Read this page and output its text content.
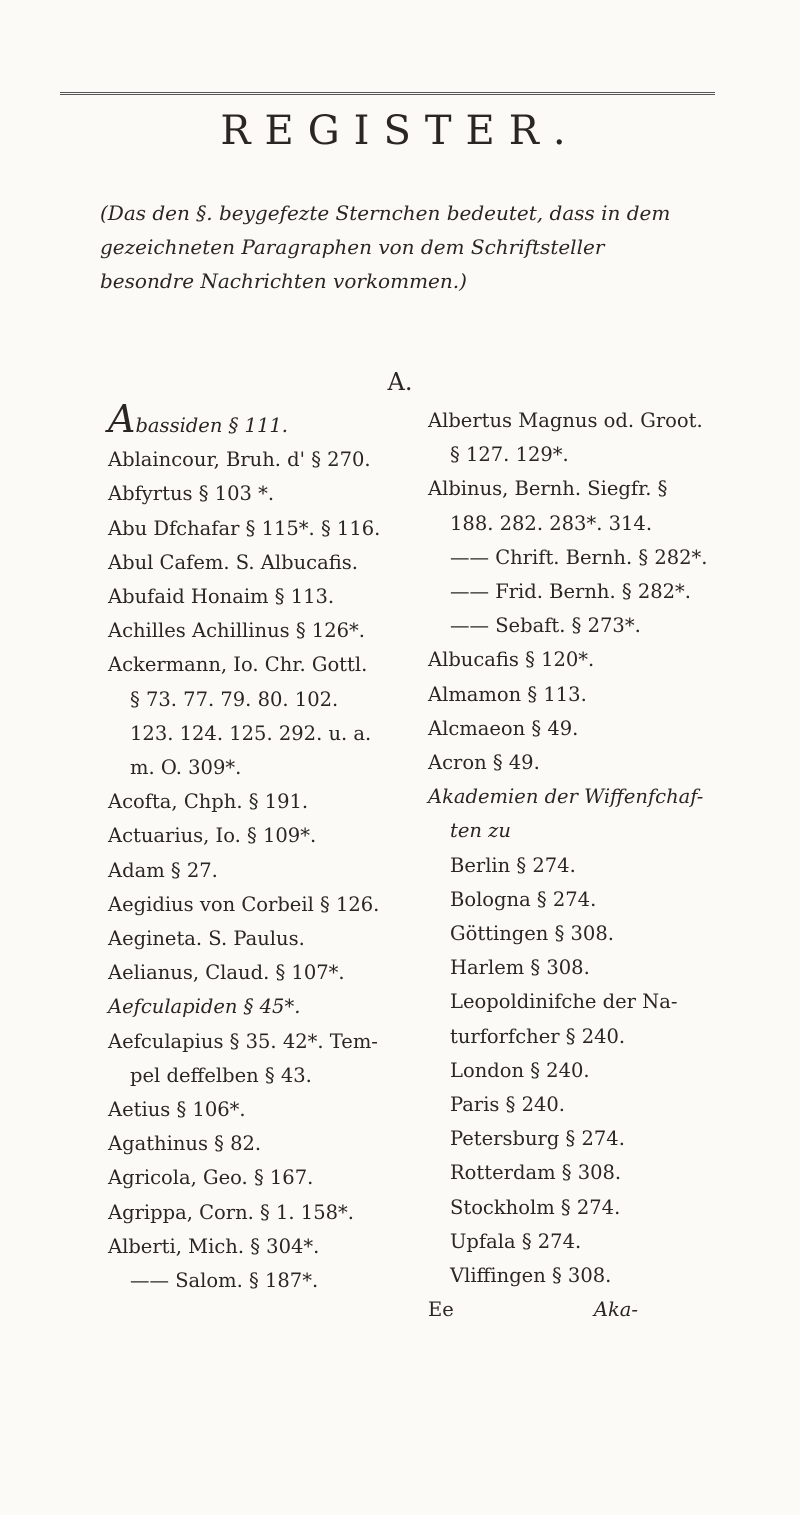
REGISTER.
(Das den §. beygefezte Sternchen bedeutet, dass in dem gezeichneten Paragraphen von dem Schriftsteller besondre Nachrichten vorkommen.)
A.
Abassiden § 111.
Ablaincour, Bruh. d' § 270.
Abfyrtus § 103 *.
Abu Dfchafar § 115*. § 116.
Abul Cafem. S. Albucafis.
Abufaid Honaim § 113.
Achilles Achillinus § 126*.
Ackermann, Io. Chr. Gottl.
§ 73. 77. 79. 80. 102.
123. 124. 125. 292. u. a.
m. O. 309*.
Acofta, Chph. § 191.
Actuarius, Io. § 109*.
Adam § 27.
Aegidius von Corbeil § 126.
Aegineta. S. Paulus.
Aelianus, Claud. § 107*.
Aefculapiden § 45*.
Aefculapius § 35. 42*. Tem-
pel deffelben § 43.
Aetius § 106*.
Agathinus § 82.
Agricola, Geo. § 167.
Agrippa, Corn. § 1. 158*.
Alberti, Mich. § 304*.
—— Salom. § 187*.
Albertus Magnus od. Groot.
§ 127. 129*.
Albinus, Bernh. Siegfr. §
188. 282. 283*. 314.
—— Chrift. Bernh. § 282*.
—— Frid. Bernh. § 282*.
—— Sebaft. § 273*.
Albucafis § 120*.
Almamon § 113.
Alcmaeon § 49.
Acron § 49.
Akademien der Wiffenfchaf-
ten zu
Berlin § 274.
Bologna § 274.
Göttingen § 308.
Harlem § 308.
Leopoldinifche der Na-
turforfcher § 240.
London § 240.
Paris § 240.
Petersburg § 274.
Rotterdam § 308.
Stockholm § 274.
Upfala § 274.
Vliffingen § 308.
Ee	Aka-
